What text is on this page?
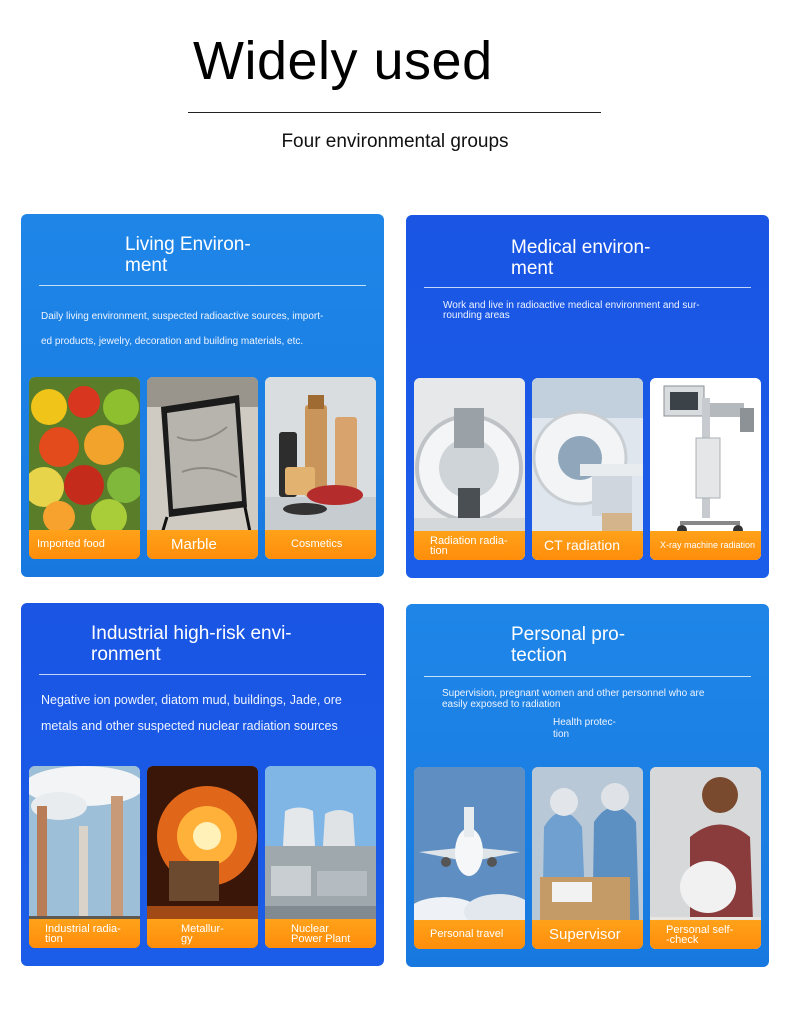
Widely used
Four environmental groups
Living Environ-
ment
Daily living environment, suspected radioactive sources, import-
ed products, jewelry, decoration and building materials, etc.
Imported food	Marble	Cosmetics
Medical environ-
ment
Work and live in radioactive medical environment and sur-
rounding areas
Radiation radia-
tion	CT radiation	X-ray machine radiation
Industrial high-risk envi-
ronment
Negative ion powder, diatom mud, buildings, Jade, ore
metals and other suspected nuclear radiation sources
Industrial radia-
tion
Metallur-
gy
Nuclear
Power Plant
Personal pro-
tection
Supervision, pregnant women and other personnel who are
easily exposed to radiation
Health protec-
tion
Personal travel	Supervisor	Personal self-
-check
